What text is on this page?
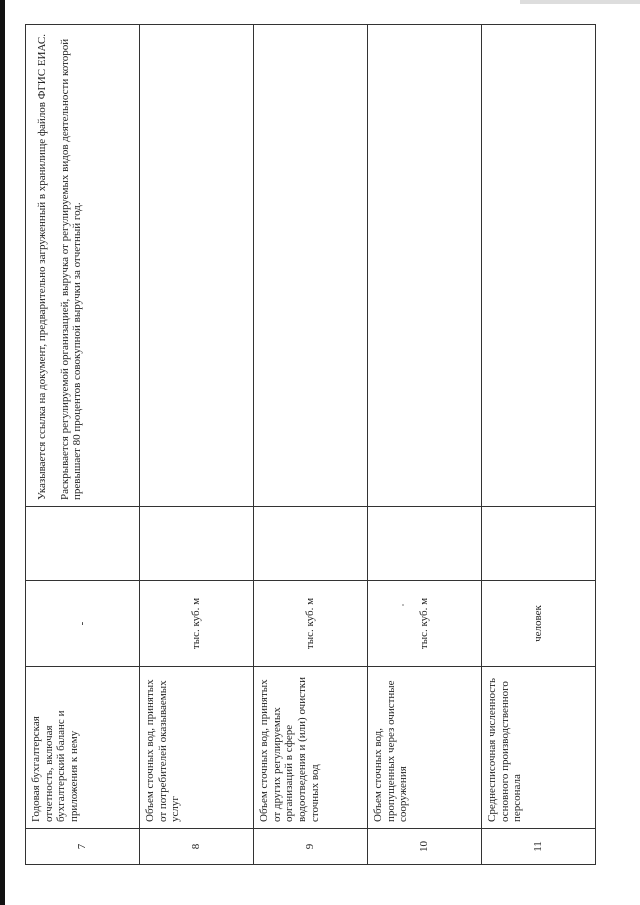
7	Годовая бухгалтерская отчетность, включая бухгалтерский баланс и приложения к нему	-		Указывается ссылка на документ, предварительно загруженный в хранилище файлов ФГИС ЕИАС. Раскрывается регулируемой организацией, выручка от регулируемых видов деятельности которой превышает 80 процентов совокупной выручки за отчетный год.

8	Объем сточных вод, принятых от потребителей оказываемых услуг	тыс. куб. м		
9	Объем сточных вод, принятых от других регулируемых организаций в сфере водоотведения и (или) очистки сточных вод	тыс. куб. м		
10	Объем сточных вод, пропущенных через очистные сооружения	тыс. куб. м		
11	Среднесписочная численность основного производственного персонала	человек		
